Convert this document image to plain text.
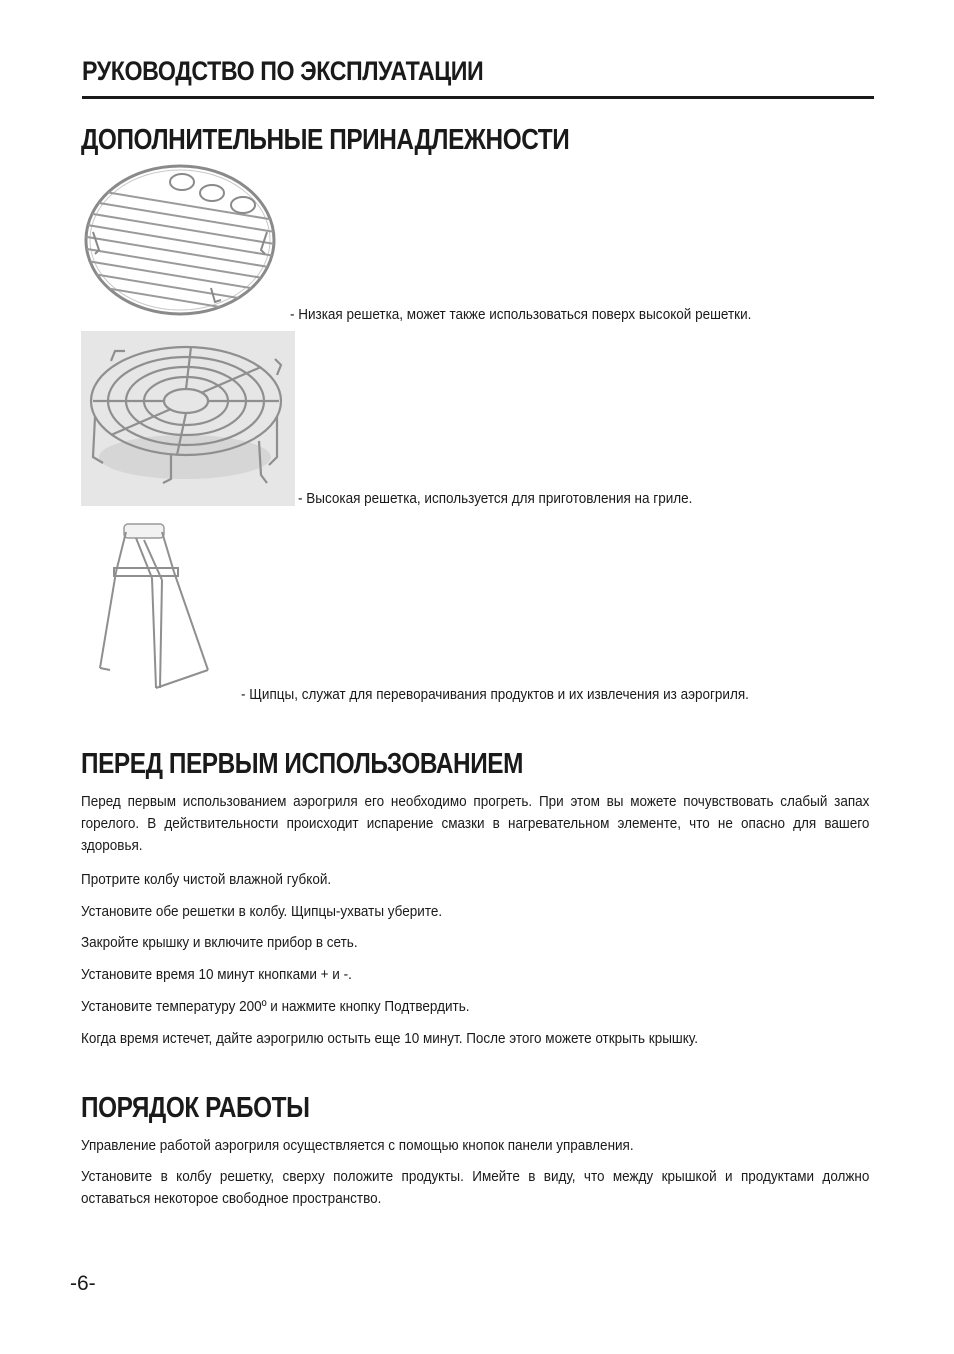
РУКОВОДСТВО ПО ЭКСПЛУАТАЦИИ
ДОПОЛНИТЕЛЬНЫЕ ПРИНАДЛЕЖНОСТИ
- Низкая решетка, может также использоваться поверх высокой решетки.
- Высокая решетка, используется для приготовления на гриле.
- Щипцы, служат для переворачивания продуктов и их извлечения из аэрогриля.
ПЕРЕД ПЕРВЫМ ИСПОЛЬЗОВАНИЕМ
Перед первым использованием аэрогриля его необходимо прогреть. При этом вы можете почувствовать слабый запах горелого. В действительности происходит испарение смазки в нагревательном элементе, что не опасно для вашего здоровья.
Протрите колбу чистой влажной губкой.
Установите обе решетки в колбу. Щипцы-ухваты уберите.
Закройте крышку и включите прибор в сеть.
Установите время 10 минут кнопками + и -.
Установите температуру 200º и нажмите кнопку Подтвердить.
Когда время истечет, дайте аэрогрилю остыть еще 10 минут. После этого можете открыть крышку.
ПОРЯДОК РАБОТЫ
Управление работой аэрогриля осуществляется с помощью кнопок панели управления.
Установите в колбу решетку, сверху положите продукты. Имейте в виду, что между крышкой и продуктами должно оставаться некоторое свободное пространство.
-6-
